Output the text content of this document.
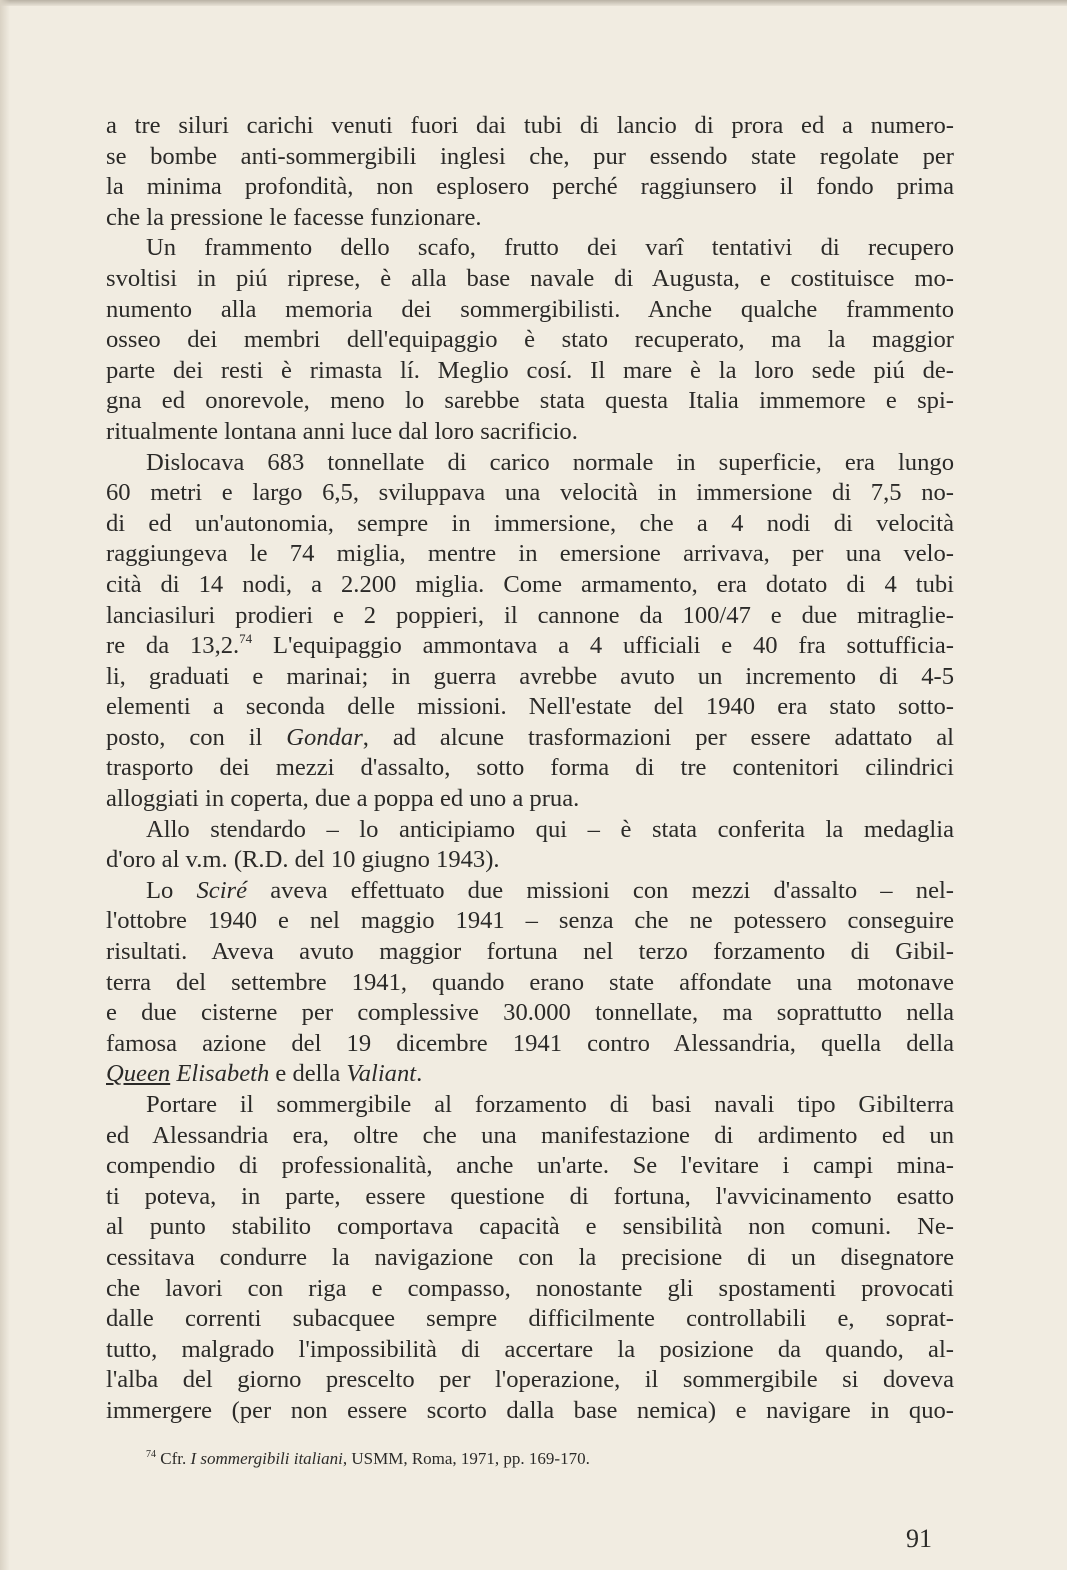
a tre siluri carichi venuti fuori dai tubi di lancio di prora ed a numero-
se bombe anti-sommergibili inglesi che, pur essendo state regolate per
la minima profondità, non esplosero perché raggiunsero il fondo prima
che la pressione le facesse funzionare.
Un frammento dello scafo, frutto dei varî tentativi di recupero
svoltisi in piú riprese, è alla base navale di Augusta, e costituisce mo-
numento alla memoria dei sommergibilisti. Anche qualche frammento
osseo dei membri dell'equipaggio è stato recuperato, ma la maggior
parte dei resti è rimasta lí. Meglio cosí. Il mare è la loro sede piú de-
gna ed onorevole, meno lo sarebbe stata questa Italia immemore e spi-
ritualmente lontana anni luce dal loro sacrificio.
Dislocava 683 tonnellate di carico normale in superficie, era lungo
60 metri e largo 6,5, sviluppava una velocità in immersione di 7,5 no-
di ed un'autonomia, sempre in immersione, che a 4 nodi di velocità
raggiungeva le 74 miglia, mentre in emersione arrivava, per una velo-
cità di 14 nodi, a 2.200 miglia. Come armamento, era dotato di 4 tubi
lanciasiluri prodieri e 2 poppieri, il cannone da 100/47 e due mitraglie-
re da 13,2.74 L'equipaggio ammontava a 4 ufficiali e 40 fra sottufficia-
li, graduati e marinai; in guerra avrebbe avuto un incremento di 4-5
elementi a seconda delle missioni. Nell'estate del 1940 era stato sotto-
posto, con il Gondar, ad alcune trasformazioni per essere adattato al
trasporto dei mezzi d'assalto, sotto forma di tre contenitori cilindrici
alloggiati in coperta, due a poppa ed uno a prua.
Allo stendardo – lo anticipiamo qui – è stata conferita la medaglia
d'oro al v.m. (R.D. del 10 giugno 1943).
Lo Sciré aveva effettuato due missioni con mezzi d'assalto – nel-
l'ottobre 1940 e nel maggio 1941 – senza che ne potessero conseguire
risultati. Aveva avuto maggior fortuna nel terzo forzamento di Gibil-
terra del settembre 1941, quando erano state affondate una motonave
e due cisterne per complessive 30.000 tonnellate, ma soprattutto nella
famosa azione del 19 dicembre 1941 contro Alessandria, quella della
Queen Elisabeth e della Valiant.
Portare il sommergibile al forzamento di basi navali tipo Gibilterra
ed Alessandria era, oltre che una manifestazione di ardimento ed un
compendio di professionalità, anche un'arte. Se l'evitare i campi mina-
ti poteva, in parte, essere questione di fortuna, l'avvicinamento esatto
al punto stabilito comportava capacità e sensibilità non comuni. Ne-
cessitava condurre la navigazione con la precisione di un disegnatore
che lavori con riga e compasso, nonostante gli spostamenti provocati
dalle correnti subacquee sempre difficilmente controllabili e, soprat-
tutto, malgrado l'impossibilità di accertare la posizione da quando, al-
l'alba del giorno prescelto per l'operazione, il sommergibile si doveva
immergere (per non essere scorto dalla base nemica) e navigare in quo-
$^{74}$ Cfr. I sommergibili italiani, USMM, Roma, 1971, pp. 169-170.
91
